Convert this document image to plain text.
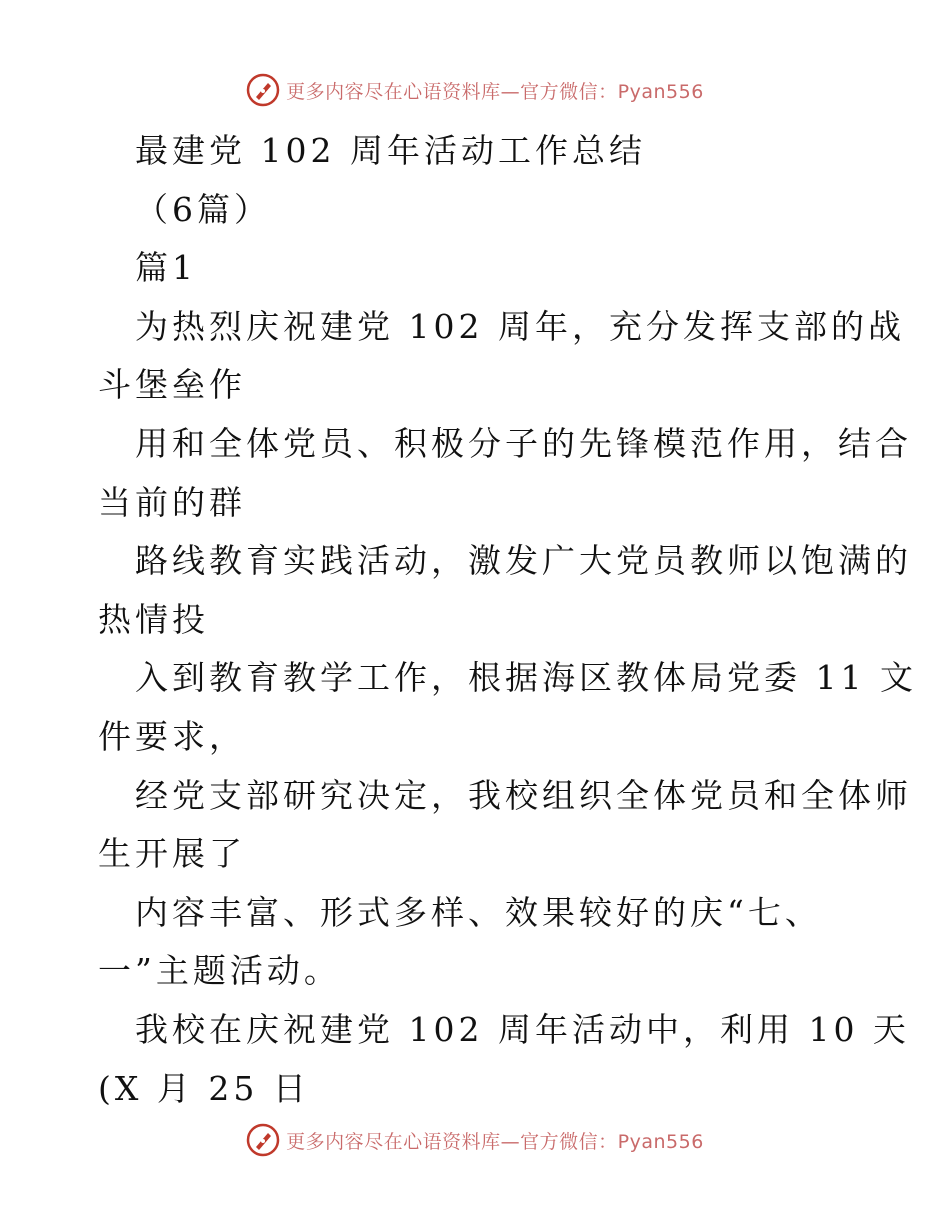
更多内容尽在心语资料库—官方微信：Pyan556
最建党 102 周年活动工作总结
（6篇）
篇1
为热烈庆祝建党 102 周年，充分发挥支部的战
斗堡垒作
用和全体党员、积极分子的先锋模范作用，结合
当前的群
路线教育实践活动，激发广大党员教师以饱满的
热情投
入到教育教学工作，根据海区教体局党委 11 文
件要求，
经党支部研究决定，我校组织全体党员和全体师
生开展了
内容丰富、形式多样、效果较好的庆“七、
一”主题活动。
我校在庆祝建党 102 周年活动中，利用 10 天
(X 月 25 日
更多内容尽在心语资料库—官方微信：Pyan556
